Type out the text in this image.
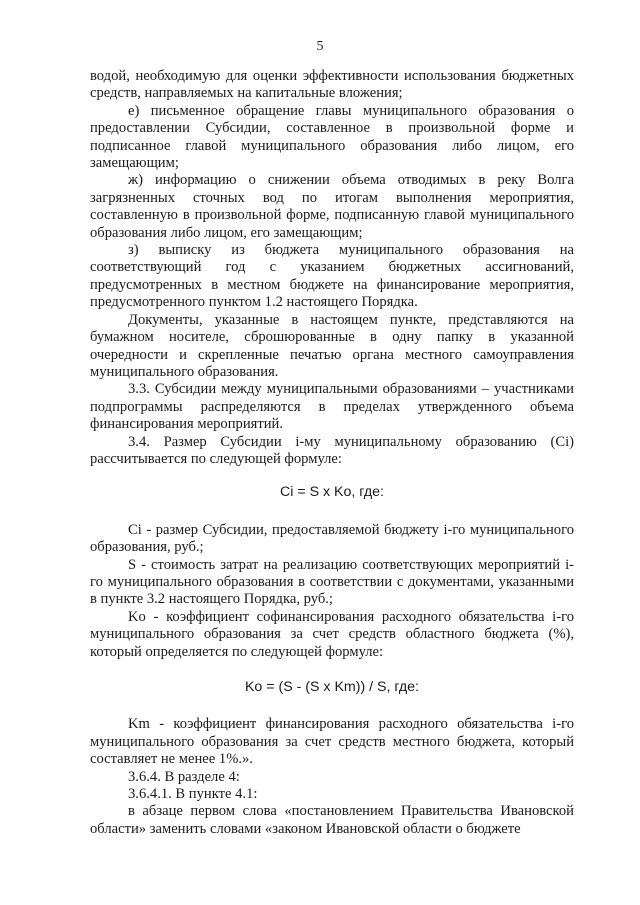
5

водой, необходимую для оценки эффективности использования бюджетных средств, направляемых на капитальные вложения;

е) письменное обращение главы муниципального образования о предоставлении Субсидии, составленное в произвольной форме и подписанное главой муниципального образования либо лицом, его замещающим;

ж) информацию о снижении объема отводимых в реку Волга загрязненных сточных вод по итогам выполнения мероприятия, составленную в произвольной форме, подписанную главой муниципального образования либо лицом, его замещающим;

з) выписку из бюджета муниципального образования на соответствующий год с указанием бюджетных ассигнований, предусмотренных в местном бюджете на финансирование мероприятия, предусмотренного пунктом 1.2 настоящего Порядка.

Документы, указанные в настоящем пункте, представляются на бумажном носителе, сброшюрованные в одну папку в указанной очередности и скрепленные печатью органа местного самоуправления муниципального образования.

3.3. Субсидии между муниципальными образованиями – участниками подпрограммы распределяются в пределах утвержденного объема финансирования мероприятий.

3.4. Размер Субсидии i-му муниципальному образованию (Ci) рассчитывается по следующей формуле:

Ci = S x Ko, где:

Ci - размер Субсидии, предоставляемой бюджету i-го муниципального образования, руб.;

S - стоимость затрат на реализацию соответствующих мероприятий i-го муниципального образования в соответствии с документами, указанными в пункте 3.2 настоящего Порядка, руб.;

Ko - коэффициент софинансирования расходного обязательства i-го муниципального образования за счет средств областного бюджета (%), который определяется по следующей формуле:

Ko = (S - (S x Km)) / S, где:

Km - коэффициент финансирования расходного обязательства i-го муниципального образования за счет средств местного бюджета, который составляет не менее 1%.».

3.6.4. В разделе 4:

3.6.4.1. В пункте 4.1:

в абзаце первом слова «постановлением Правительства Ивановской области» заменить словами «законом Ивановской области о бюджете
